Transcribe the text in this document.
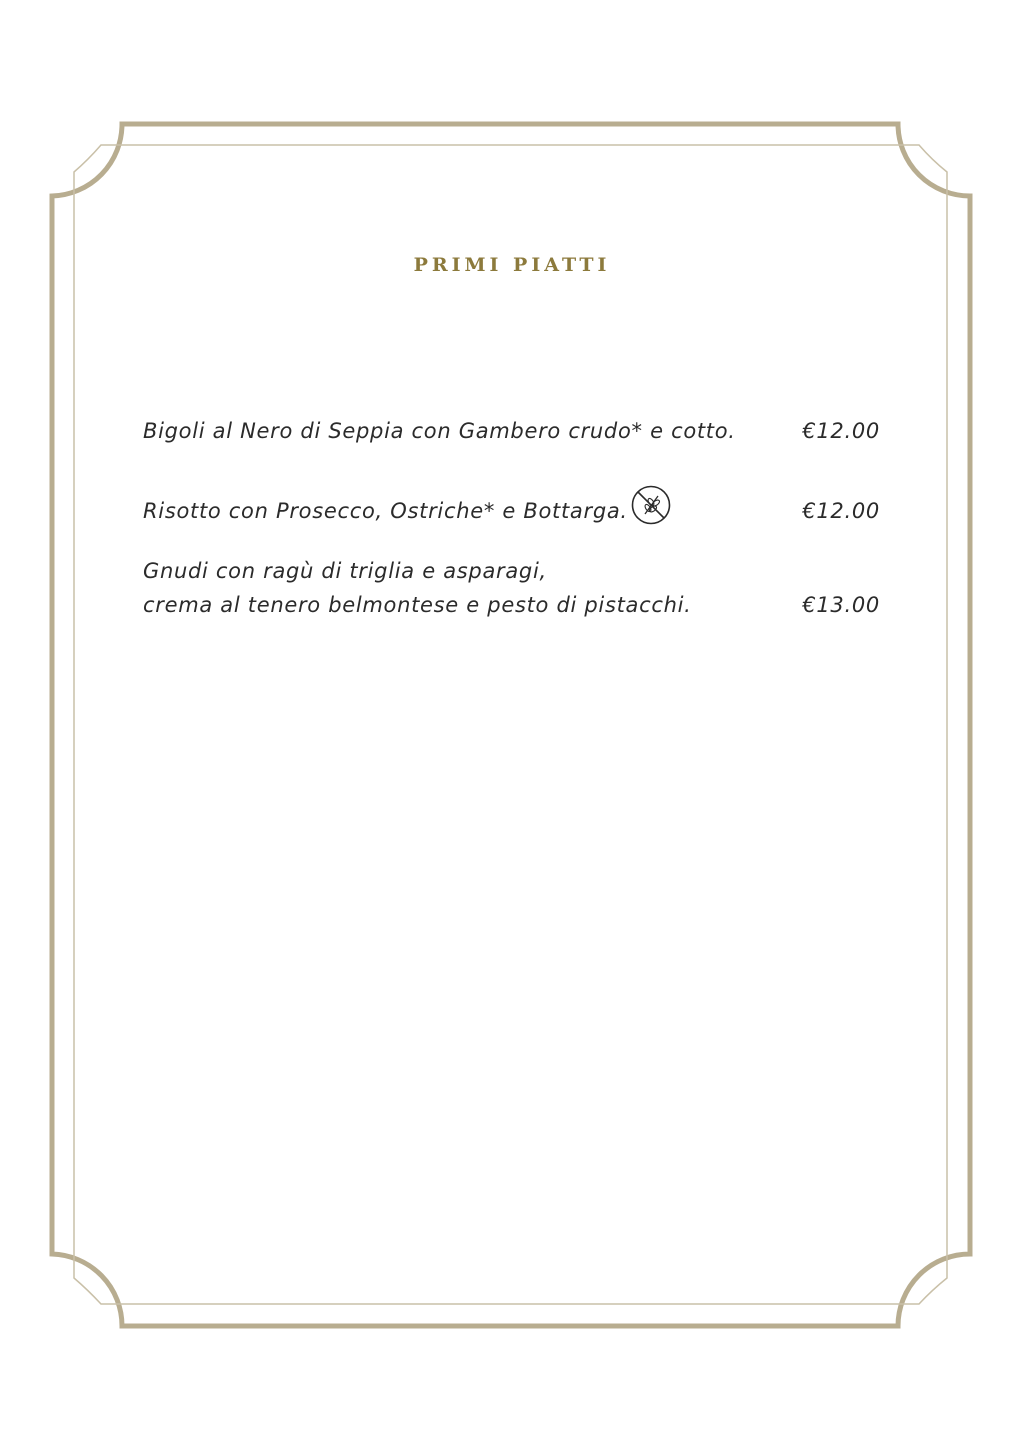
PRIMI PIATTI
Bigoli al Nero di Seppia con Gambero crudo* e cotto.	€12.00
Risotto con Prosecco, Ostriche* e Bottarga.	€12.00
Gnudi con ragù di triglia e asparagi,
crema al tenero belmontese e pesto di pistacchi.	€13.00
